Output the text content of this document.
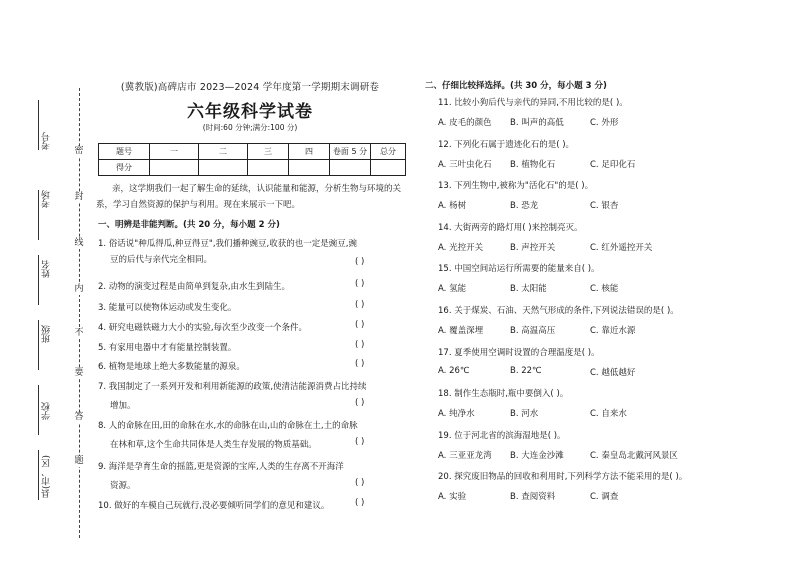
考号
考场
姓名
班级
学校
县(市、区)
密
封
线
内
不
要
答
题
(冀教版)高碑店市 2023—2024 学年度第一学期期末调研卷
六年级科学试卷
(时间:60 分钟;满分:100 分)
题号	一	二	三	四	卷面 5 分	总分
得分						
亲，这学期我们一起了解生命的延续，认识能量和能源，分析生物与环境的关系，学习自然资源的保护与利用。现在来展示一下吧。
一、明辨是非能判断。(共 20 分，每小题 2 分)
1. 俗话说"种瓜得瓜,种豆得豆",我们播种豌豆,收获的也一定是豌豆,豌
豆的后代与亲代完全相同。	( )
2. 动物的演变过程是由简单到复杂,由水生到陆生。	( )
3. 能量可以使物体运动或发生变化。	( )
4. 研究电磁铁磁力大小的实验,每次至少改变一个条件。	( )
5. 有家用电器中才有能量控制装置。	( )
6. 植物是地球上绝大多数能量的源泉。	( )
7. 我国制定了一系列开发和利用新能源的政策,使清洁能源消费占比持续
增加。	( )
8. 人的命脉在田,田的命脉在水,水的命脉在山,山的命脉在土,土的命脉
在林和草,这个生命共同体是人类生存发展的物质基础。	( )
9. 海洋是孕育生命的摇篮,更是资源的宝库,人类的生存离不开海洋
资源。	( )
10. 做好的车模自己玩就行,没必要倾听同学们的意见和建议。	( )
二、仔细比较择选择。(共 30 分，每小题 3 分)
11. 比较小狗后代与亲代的异同,不用比较的是( )。
A. 皮毛的颜色 B. 叫声的高低	C. 外形
12. 下列化石属于遗迹化石的是( )。
A. 三叶虫化石 B. 植物化石	C. 足印化石
13. 下列生物中,被称为"活化石"的是( )。
A. 杨树	B. 恐龙	C. 银杏
14. 大街两旁的路灯用( )来控制亮灭。
A. 光控开关	B. 声控开关	C. 红外遥控开关
15. 中国空间站运行所需要的能量来自( )。
A. 氢能	B. 太阳能	C. 核能
16. 关于煤炭、石油、天然气形成的条件,下列说法错误的是( )。
A. 覆盖深埋	B. 高温高压	C. 靠近水源
17. 夏季使用空调时设置的合理温度是( )。
A. 26℃	B. 22℃	C. 越低越好
18. 制作生态瓶时,瓶中要倒入( )。
A. 纯净水	B. 河水	C. 自来水
19. 位于河北省的滨海湿地是( )。
A. 三亚亚龙湾 B. 大连金沙滩	C. 秦皇岛北戴河风景区
20. 探究废旧物品的回收和利用时,下列科学方法不能采用的是( )。
A. 实验	B. 查阅资料	C. 调查
